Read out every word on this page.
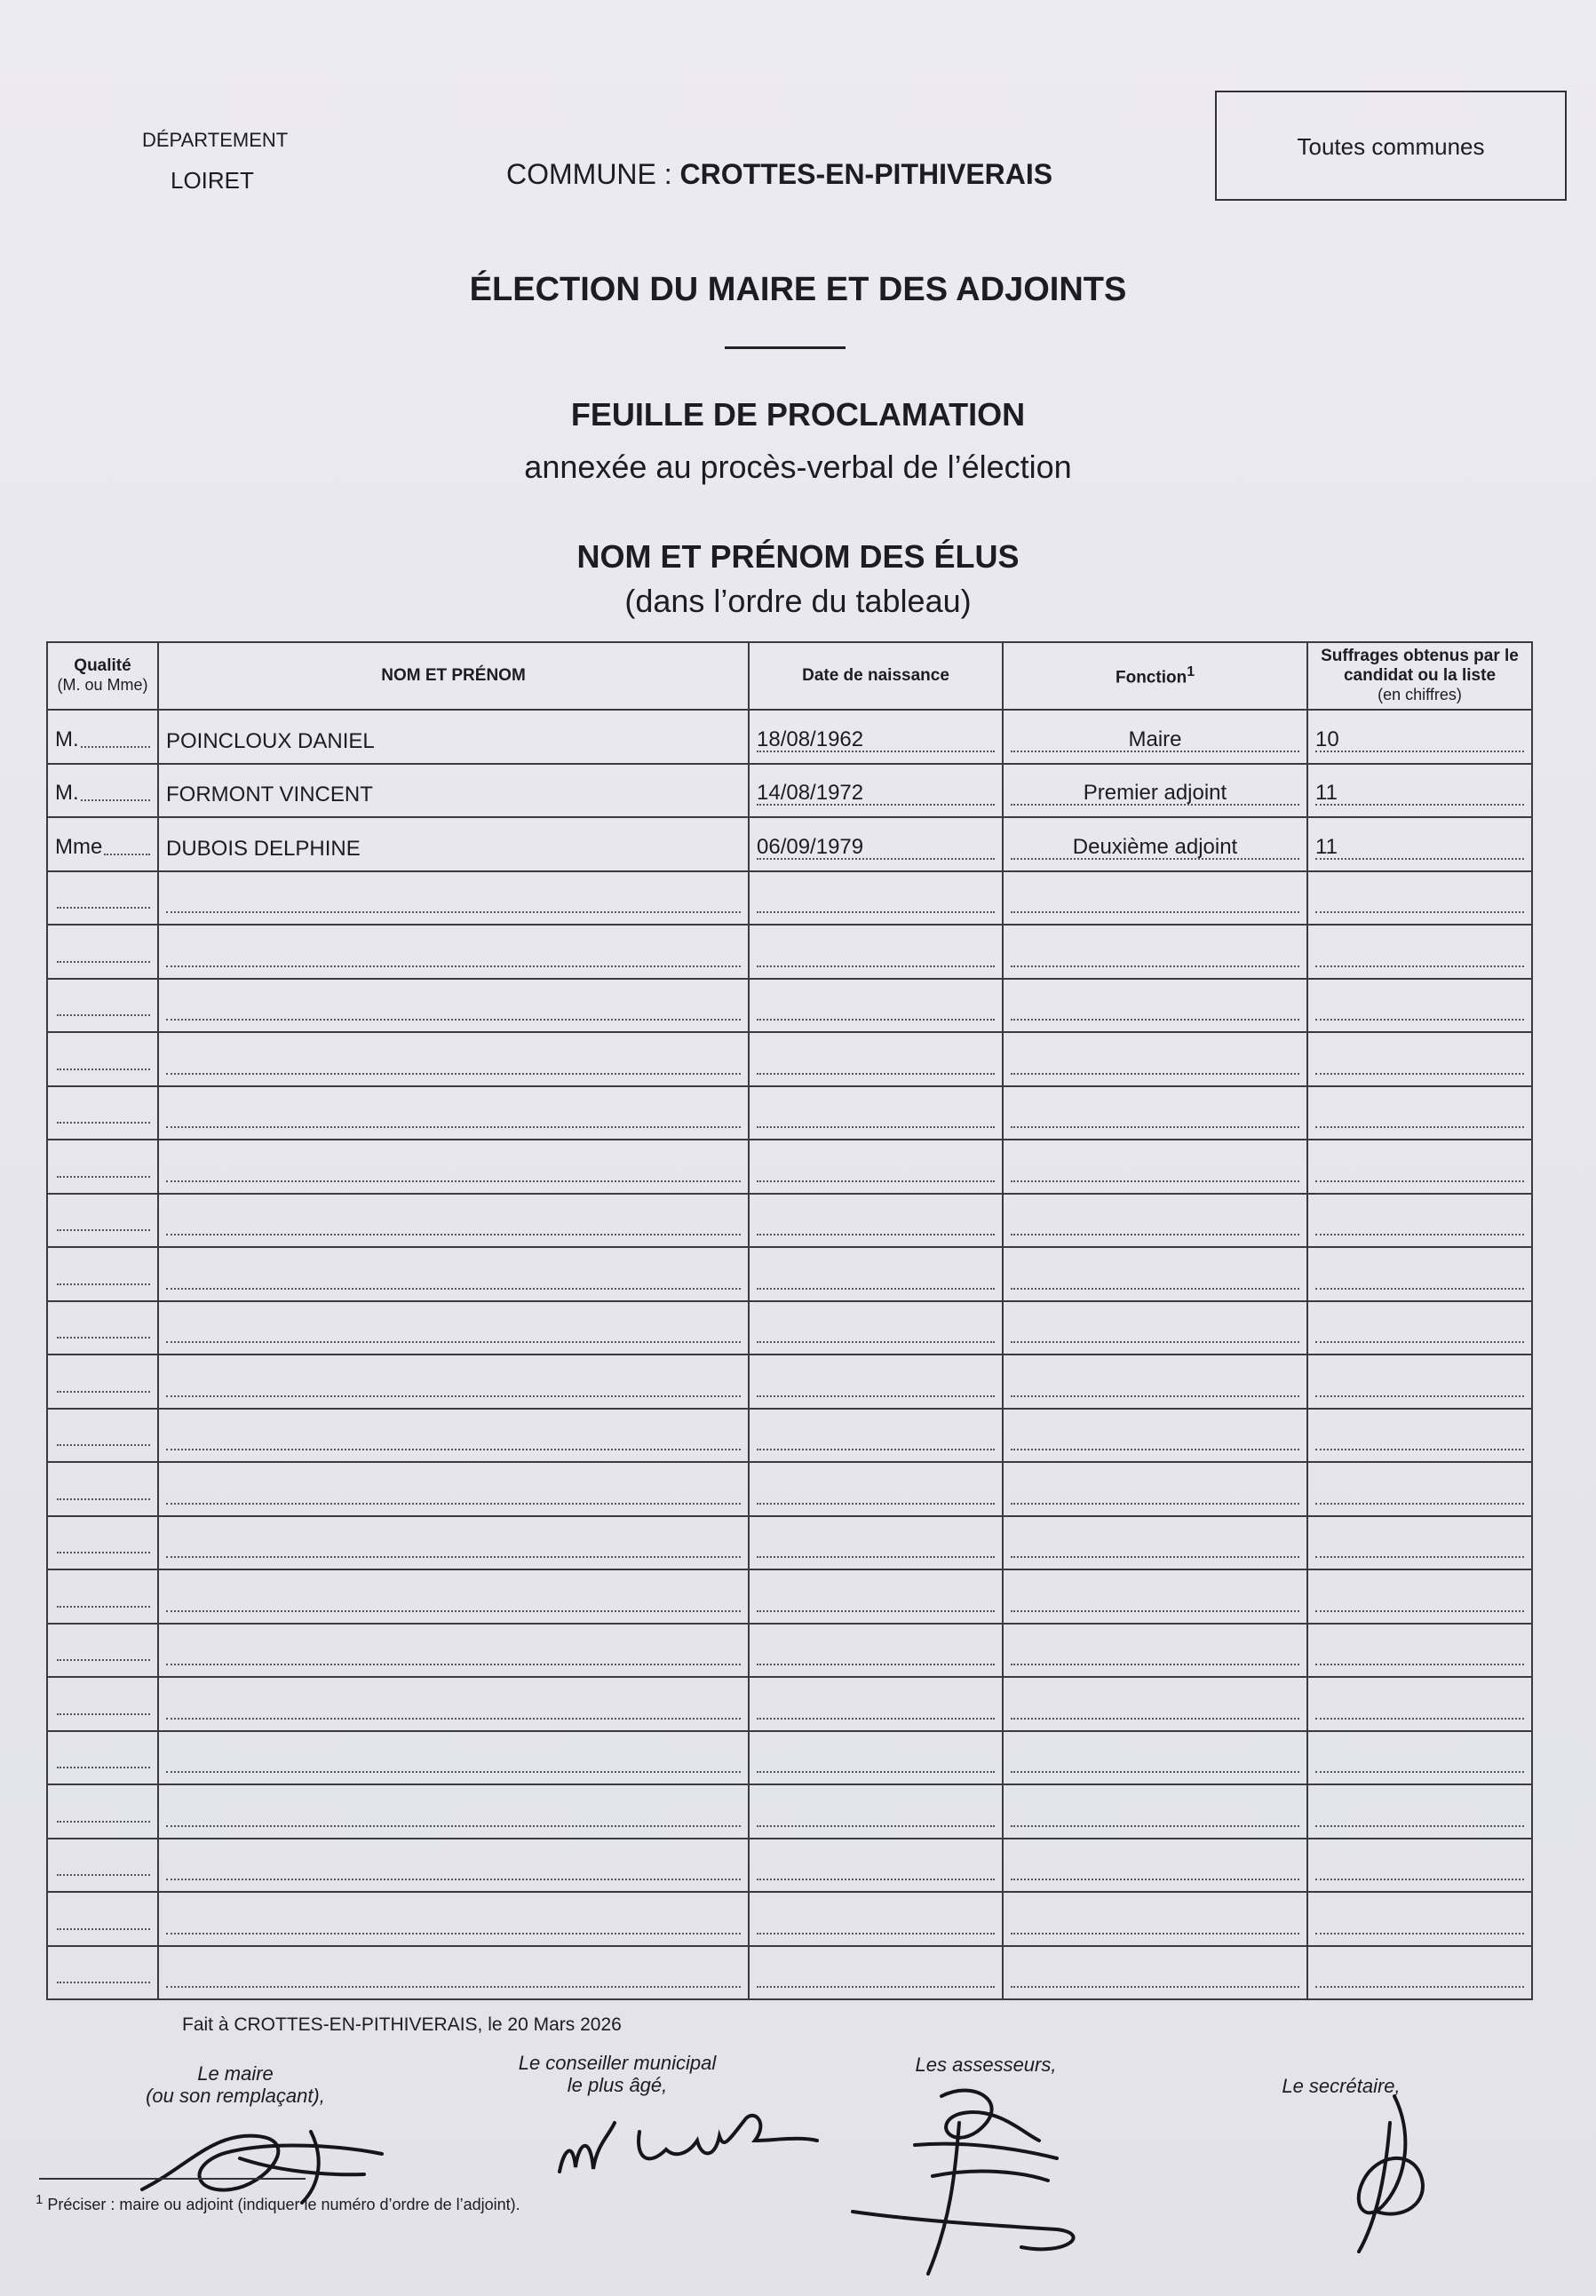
DÉPARTEMENT
LOIRET	COMMUNE : CROTTES-EN-PITHIVERAIS
Toutes communes
ÉLECTION DU MAIRE ET DES ADJOINTS
FEUILLE DE PROCLAMATION
annexée au procès-verbal de l’élection
NOM ET PRÉNOM DES ÉLUS
(dans l’ordre du tableau)
Qualité
(M. ou Mme)	NOM ET PRÉNOM	Date de naissance	Fonction$^1$	Suffrages obtenus par le candidat ou la liste
(en chiffres)

M.	POINCLOUX DANIEL	18/08/1962	Maire	10

M.	FORMONT VINCENT	14/08/1972	Premier adjoint	11

Mme	DUBOIS DELPHINE	06/09/1979	Deuxième adjoint	11

Fait à CROTTES-EN-PITHIVERAIS, le 20 Mars 2026
Le maire
(ou son remplaçant),
Le conseiller municipal
le plus âgé,
Les assesseurs,
Le secrétaire,
$^1$ Préciser : maire ou adjoint (indiquer le numéro d’ordre de l’adjoint).
